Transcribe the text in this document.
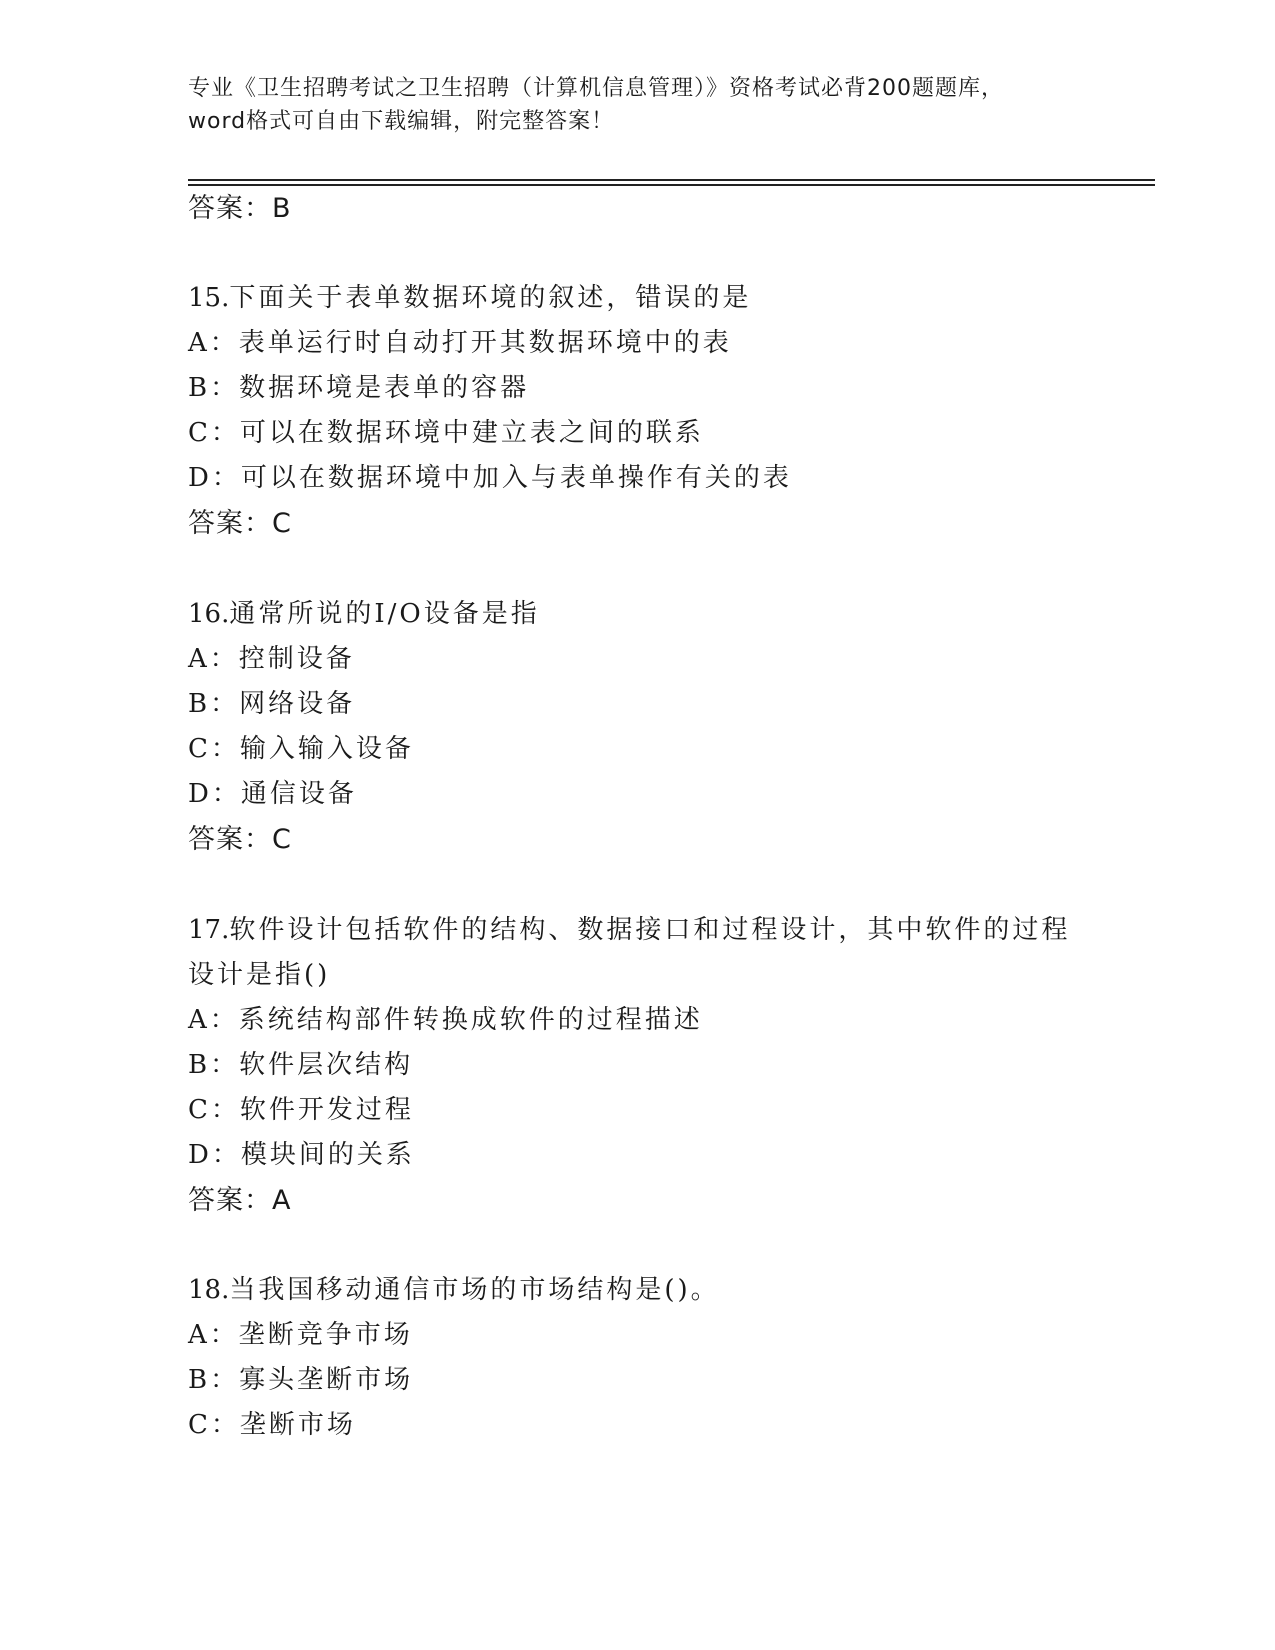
专业《卫生招聘考试之卫生招聘（计算机信息管理）》资格考试必背200题题库，
word格式可自由下载编辑，附完整答案！
答案：B
15.下面关于表单数据环境的叙述，错误的是
A：表单运行时自动打开其数据环境中的表
B：数据环境是表单的容器
C：可以在数据环境中建立表之间的联系
D：可以在数据环境中加入与表单操作有关的表
答案：C
16.通常所说的I/O设备是指
A：控制设备
B：网络设备
C：输入输入设备
D：通信设备
答案：C
17.软件设计包括软件的结构、数据接口和过程设计，其中软件的过程
设计是指()
A：系统结构部件转换成软件的过程描述
B：软件层次结构
C：软件开发过程
D：模块间的关系
答案：A
18.当我国移动通信市场的市场结构是()。
A：垄断竞争市场
B：寡头垄断市场
C：垄断市场
